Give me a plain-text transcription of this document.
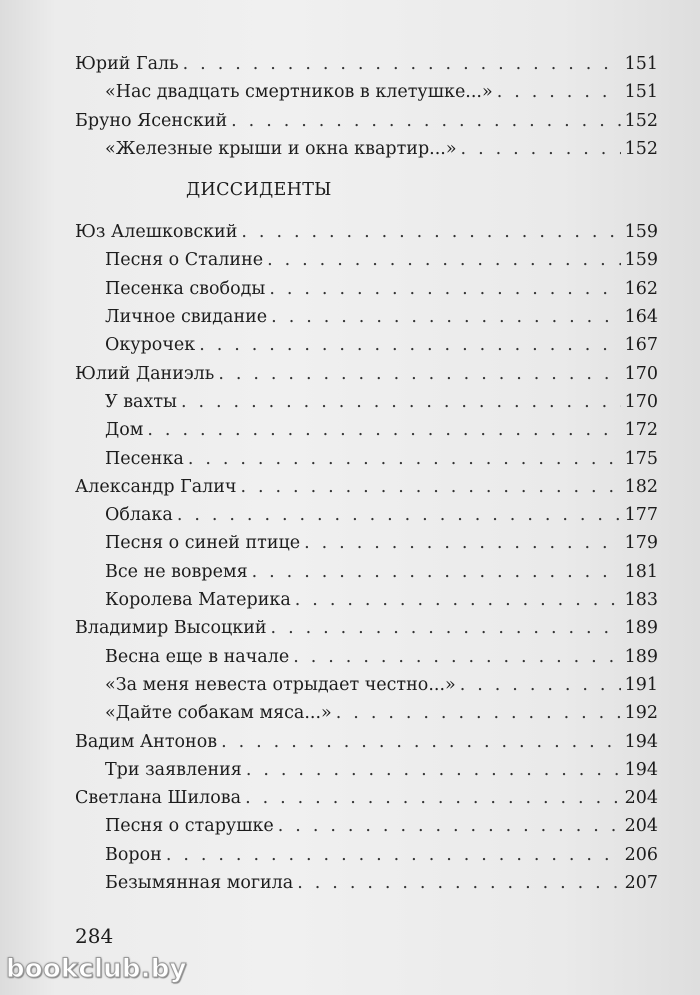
Юрий Галь . . .	151
«Нас двадцать смертников в клетушке...» . . .	151
Бруно Ясенский . . .	152
«Железные крыши и окна квартир...» . . .	152
ДИССИДЕНТЫ
Юз Алешковский . . .	159
Песня о Сталине . . .	159
Песенка свободы . . .	162
Личное свидание . . .	164
Окурочек . . .	167
Юлий Даниэль . . .	170
У вахты . . .	170
Дом . . .	172
Песенка . . .	175
Александр Галич . . .	182
Облака . . .	177
Песня о синей птице . . .	179
Все не вовремя . . .	181
Королева Материка . . .	183
Владимир Высоцкий . . .	189
Весна еще в начале . . .	189
«За меня невеста отрыдает честно...» . . .	191
«Дайте собакам мяса...» . . .	192
Вадим Антонов . . .	194
Три заявления . . .	194
Светлана Шилова . . .	204
Песня о старушке . . .	204
Ворон . . .	206
Безымянная могила . . .	207
284
bookclub.by
